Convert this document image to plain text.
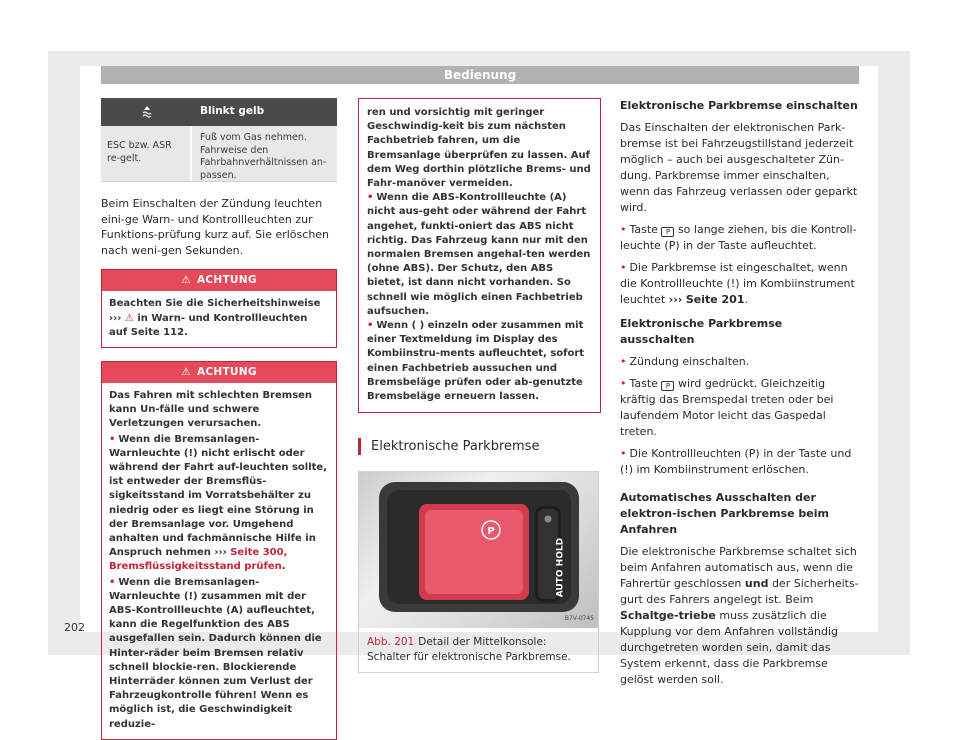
Bedienung
Blinkt gelb
ESC bzw. ASR re-gelt.
Fuß vom Gas nehmen. Fahrweise den Fahrbahnverhältnissen an-passen.

Beim Einschalten der Zündung leuchten eini-ge Warn- und Kontrollleuchten zur Funktions-prüfung kurz auf. Sie erlöschen nach weni-gen Sekunden.

⚠ ACHTUNG
Beachten Sie die Sicherheitshinweise ››› ⚠ in Warn- und Kontrollleuchten auf Seite 112.
⚠ ACHTUNG

Das Fahren mit schlechten Bremsen kann Un-fälle und schwere Verletzungen verursachen.

• Wenn die Bremsanlagen-Warnleuchte (!) nicht erlischt oder während der Fahrt auf-leuchten sollte, ist entweder der Bremsflüs-sigkeitsstand im Vorratsbehälter zu niedrig oder es liegt eine Störung in der Bremsanlage vor. Umgehend anhalten und fachmännische Hilfe in Anspruch nehmen ››› Seite 300, Bremsflüssigkeitsstand prüfen.

• Wenn die Bremsanlagen-Warnleuchte (!) zusammen mit der ABS-Kontrollleuchte (A) aufleuchtet, kann die Regelfunktion des ABS ausgefallen sein. Dadurch können die Hinter-räder beim Bremsen relativ schnell blockie-ren. Blockierende Hinterräder können zum Verlust der Fahrzeugkontrolle führen! Wenn es möglich ist, die Geschwindigkeit reduzie-

ren und vorsichtig mit geringer Geschwindig-keit bis zum nächsten Fachbetrieb fahren, um die Bremsanlage überprüfen zu lassen. Auf dem Weg dorthin plötzliche Brems- und Fahr-manöver vermeiden.

• Wenn die ABS-Kontrollleuchte (A) nicht aus-geht oder während der Fahrt angehet, funkti-oniert das ABS nicht richtig. Das Fahrzeug kann nur mit den normalen Bremsen angehal-ten werden (ohne ABS). Der Schutz, den ABS bietet, ist dann nicht vorhanden. So schnell wie möglich einen Fachbetrieb aufsuchen.

• Wenn ( ) einzeln oder zusammen mit einer Textmeldung im Display des Kombiinstru-ments aufleuchtet, sofort einen Fachbetrieb aussuchen und Bremsbeläge prüfen oder ab-genutzte Bremsbeläge erneuern lassen.

Elektronische Parkbremse
P
AUTO HOLD
B7V-0745
Abb. 201 Detail der Mittelkonsole: Schalter für elektronische Parkbremse.

Elektronische Parkbremse einschalten

Das Einschalten der elektronischen Park-bremse ist bei Fahrzeugstillstand jederzeit möglich – auch bei ausgeschalteter Zün-dung. Parkbremse immer einschalten, wenn das Fahrzeug verlassen oder geparkt wird.

• Taste P so lange ziehen, bis die Kontroll-leuchte (P) in der Taste aufleuchtet.

• Die Parkbremse ist eingeschaltet, wenn die Kontrollleuchte (!) im Kombiinstrument leuchtet ››› Seite 201.

Elektronische Parkbremse ausschalten

• Zündung einschalten.

• Taste P wird gedrückt. Gleichzeitig kräftig das Bremspedal treten oder bei laufendem Motor leicht das Gaspedal treten.

• Die Kontrollleuchten (P) in der Taste und (!) im Kombiinstrument erlöschen.

Automatisches Ausschalten der elektron-ischen Parkbremse beim Anfahren

Die elektronische Parkbremse schaltet sich beim Anfahren automatisch aus, wenn die Fahrertür geschlossen und der Sicherheits-gurt des Fahrers angelegt ist. Beim Schaltge-triebe muss zusätzlich die Kupplung vor dem Anfahren vollständig durchgetreten worden sein, damit das System erkennt, dass die Parkbremse gelöst werden soll.

202
